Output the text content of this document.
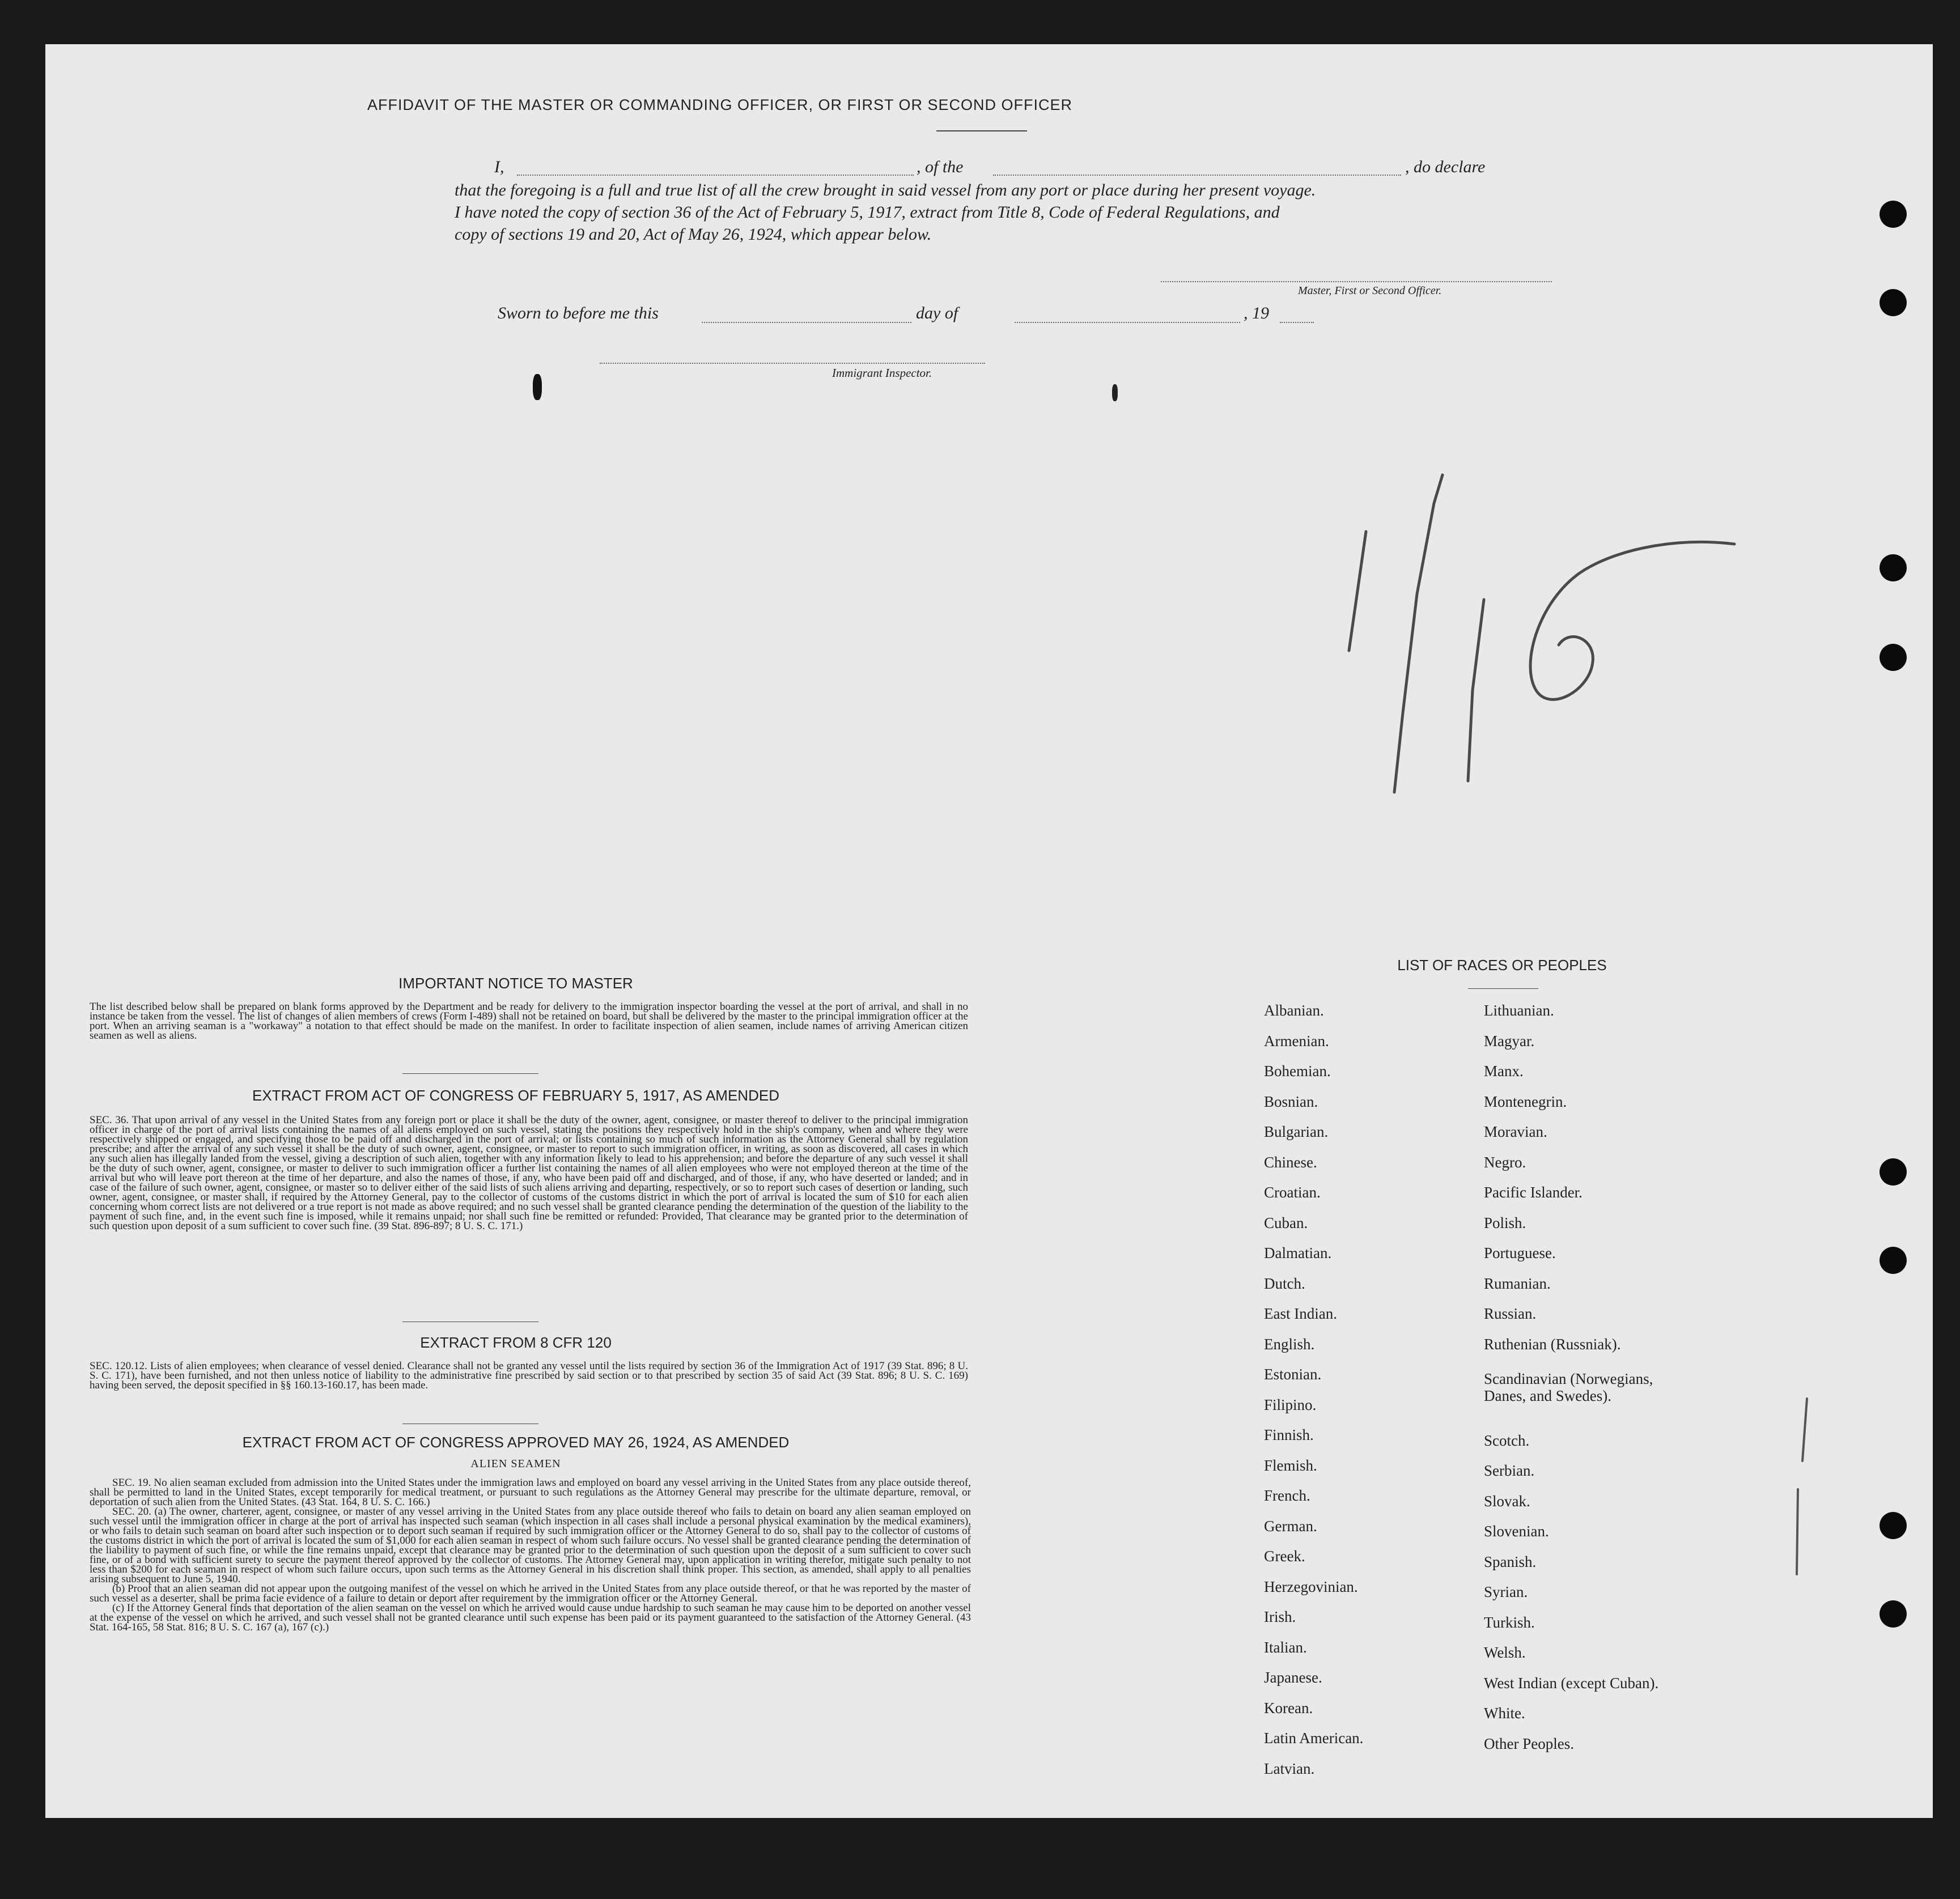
AFFIDAVIT OF THE MASTER OR COMMANDING OFFICER, OR FIRST OR SECOND OFFICER
I,	, of the	, do declare
that the foregoing is a full and true list of all the crew brought in said vessel from any port or place during her present voyage.
I have noted the copy of section 36 of the Act of February 5, 1917, extract from Title 8, Code of Federal Regulations, and
copy of sections 19 and 20, Act of May 26, 1924, which appear below.
Master, First or Second Officer.
Sworn to before me this	day of	, 19
Immigrant Inspector.
IMPORTANT NOTICE TO MASTER
The list described below shall be prepared on blank forms approved by the Department and be ready for delivery to the immigration inspector boarding the vessel at the port of arrival, and shall in no instance be taken from the vessel. The list of changes of alien members of crews (Form I-489) shall not be retained on board, but shall be delivered by the master to the principal immigration officer at the port. When an arriving seaman is a "workaway" a notation to that effect should be made on the manifest. In order to facilitate inspection of alien seamen, include names of arriving American citizen seamen as well as aliens.
EXTRACT FROM ACT OF CONGRESS OF FEBRUARY 5, 1917, AS AMENDED
SEC. 36. That upon arrival of any vessel in the United States from any foreign port or place it shall be the duty of the owner, agent, consignee, or master thereof to deliver to the principal immigration officer in charge of the port of arrival lists containing the names of all aliens employed on such vessel, stating the positions they respectively hold in the ship's company, when and where they were respectively shipped or engaged, and specifying those to be paid off and discharged in the port of arrival; or lists containing so much of such information as the Attorney General shall by regulation prescribe; and after the arrival of any such vessel it shall be the duty of such owner, agent, consignee, or master to report to such immigration officer, in writing, as soon as discovered, all cases in which any such alien has illegally landed from the vessel, giving a description of such alien, together with any information likely to lead to his apprehension; and before the departure of any such vessel it shall be the duty of such owner, agent, consignee, or master to deliver to such immigration officer a further list containing the names of all alien employees who were not employed thereon at the time of the arrival but who will leave port thereon at the time of her departure, and also the names of those, if any, who have been paid off and discharged, and of those, if any, who have deserted or landed; and in case of the failure of such owner, agent, consignee, or master so to deliver either of the said lists of such aliens arriving and departing, respectively, or so to report such cases of desertion or landing, such owner, agent, consignee, or master shall, if required by the Attorney General, pay to the collector of customs of the customs district in which the port of arrival is located the sum of $10 for each alien concerning whom correct lists are not delivered or a true report is not made as above required; and no such vessel shall be granted clearance pending the determination of the question of the liability to the payment of such fine, and, in the event such fine is imposed, while it remains unpaid; nor shall such fine be remitted or refunded: Provided, That clearance may be granted prior to the determination of such question upon deposit of a sum sufficient to cover such fine. (39 Stat. 896-897; 8 U. S. C. 171.)
EXTRACT FROM 8 CFR 120
SEC. 120.12. Lists of alien employees; when clearance of vessel denied. Clearance shall not be granted any vessel until the lists required by section 36 of the Immigration Act of 1917 (39 Stat. 896; 8 U. S. C. 171), have been furnished, and not then unless notice of liability to the administrative fine prescribed by said section or to that prescribed by section 35 of said Act (39 Stat. 896; 8 U. S. C. 169) having been served, the deposit specified in §§ 160.13-160.17, has been made.
EXTRACT FROM ACT OF CONGRESS APPROVED MAY 26, 1924, AS AMENDED
ALIEN SEAMEN
SEC. 19. No alien seaman excluded from admission into the United States under the immigration laws and employed on board any vessel arriving in the United States from any place outside thereof, shall be permitted to land in the United States, except temporarily for medical treatment, or pursuant to such regulations as the Attorney General may prescribe for the ultimate departure, removal, or deportation of such alien from the United States. (43 Stat. 164, 8 U. S. C. 166.)
SEC. 20. (a) The owner, charterer, agent, consignee, or master of any vessel arriving in the United States from any place outside thereof who fails to detain on board any alien seaman employed on such vessel until the immigration officer in charge at the port of arrival has inspected such seaman (which inspection in all cases shall include a personal physical examination by the medical examiners), or who fails to detain such seaman on board after such inspection or to deport such seaman if required by such immigration officer or the Attorney General to do so, shall pay to the collector of customs of the customs district in which the port of arrival is located the sum of $1,000 for each alien seaman in respect of whom such failure occurs. No vessel shall be granted clearance pending the determination of the liability to payment of such fine, or while the fine remains unpaid, except that clearance may be granted prior to the determination of such question upon the deposit of a sum sufficient to cover such fine, or of a bond with sufficient surety to secure the payment thereof approved by the collector of customs. The Attorney General may, upon application in writing therefor, mitigate such penalty to not less than $200 for each seaman in respect of whom such failure occurs, upon such terms as the Attorney General in his discretion shall think proper. This section, as amended, shall apply to all penalties arising subsequent to June 5, 1940.
(b) Proof that an alien seaman did not appear upon the outgoing manifest of the vessel on which he arrived in the United States from any place outside thereof, or that he was reported by the master of such vessel as a deserter, shall be prima facie evidence of a failure to detain or deport after requirement by the immigration officer or the Attorney General.
(c) If the Attorney General finds that deportation of the alien seaman on the vessel on which he arrived would cause undue hardship to such seaman he may cause him to be deported on another vessel at the expense of the vessel on which he arrived, and such vessel shall not be granted clearance until such expense has been paid or its payment guaranteed to the satisfaction of the Attorney General. (43 Stat. 164-165, 58 Stat. 816; 8 U. S. C. 167 (a), 167 (c).)
LIST OF RACES OR PEOPLES
Albanian.
Armenian.
Bohemian.
Bosnian.
Bulgarian.
Chinese.
Croatian.
Cuban.
Dalmatian.
Dutch.
East Indian.
English.
Estonian.
Filipino.
Finnish.
Flemish.
French.
German.
Greek.
Herzegovinian.
Irish.
Italian.
Japanese.
Korean.
Latin American.
Latvian.
Lithuanian.
Magyar.
Manx.
Montenegrin.
Moravian.
Negro.
Pacific Islander.
Polish.
Portuguese.
Rumanian.
Russian.
Ruthenian (Russniak).
Scandinavian (Norwegians, Danes, and Swedes).
Scotch.
Serbian.
Slovak.
Slovenian.
Spanish.
Syrian.
Turkish.
Welsh.
West Indian (except Cuban).
White.
Other Peoples.
